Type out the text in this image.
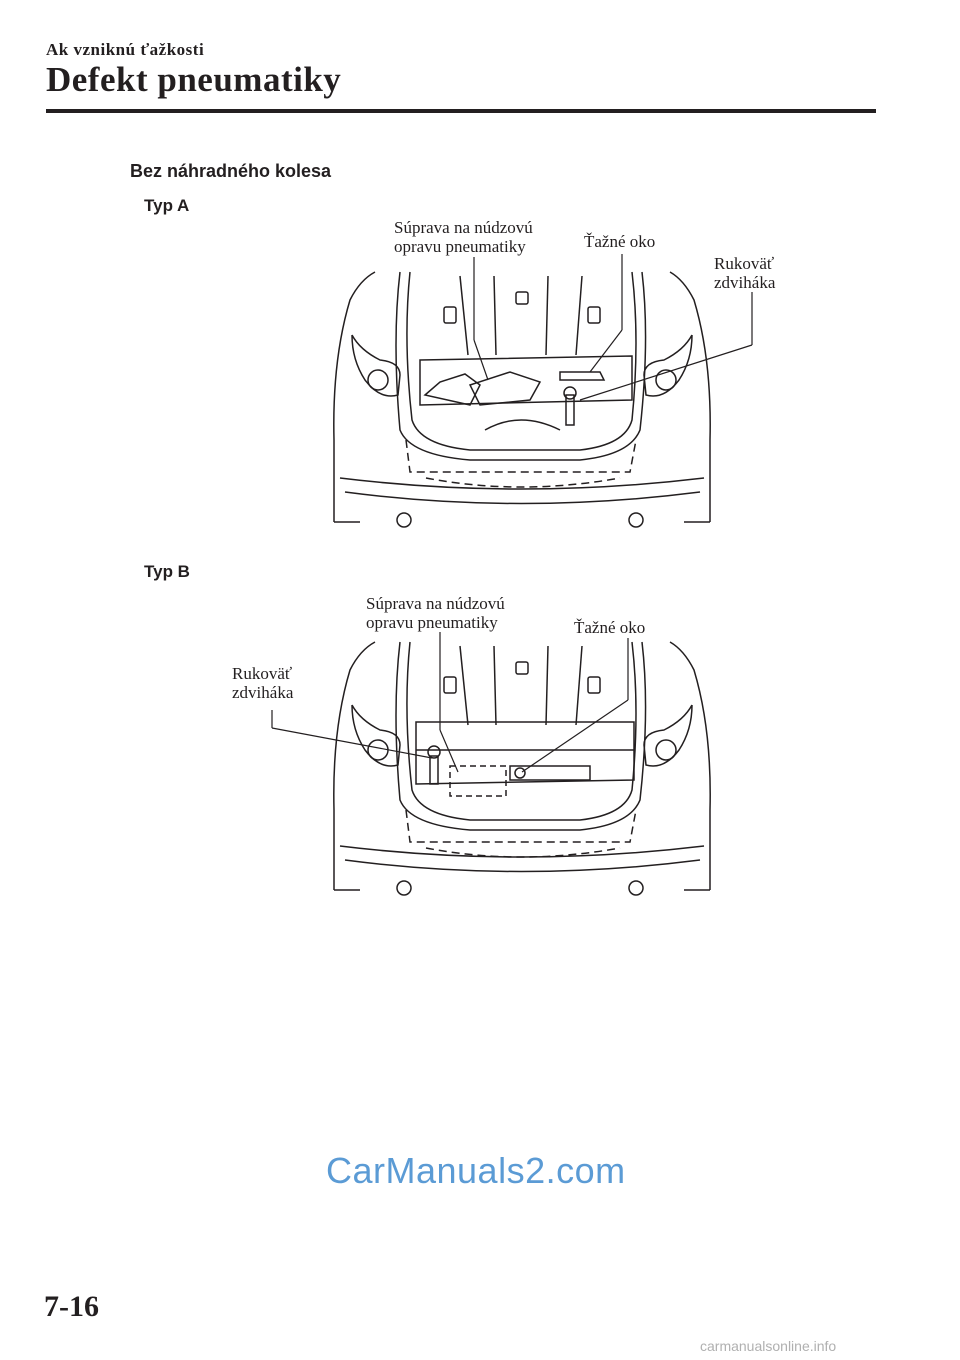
Ak vzniknú ťažkosti
Defekt pneumatiky
Bez náhradného kolesa
Typ A
Súprava na núdzovú
opravu pneumatiky	Ťažné oko
Rukoväť
zdviháka
Typ B
Súprava na núdzovú
opravu pneumatiky	Ťažné oko
Rukoväť
zdviháka
CarManuals2.com
7-16
carmanualsonline.info
